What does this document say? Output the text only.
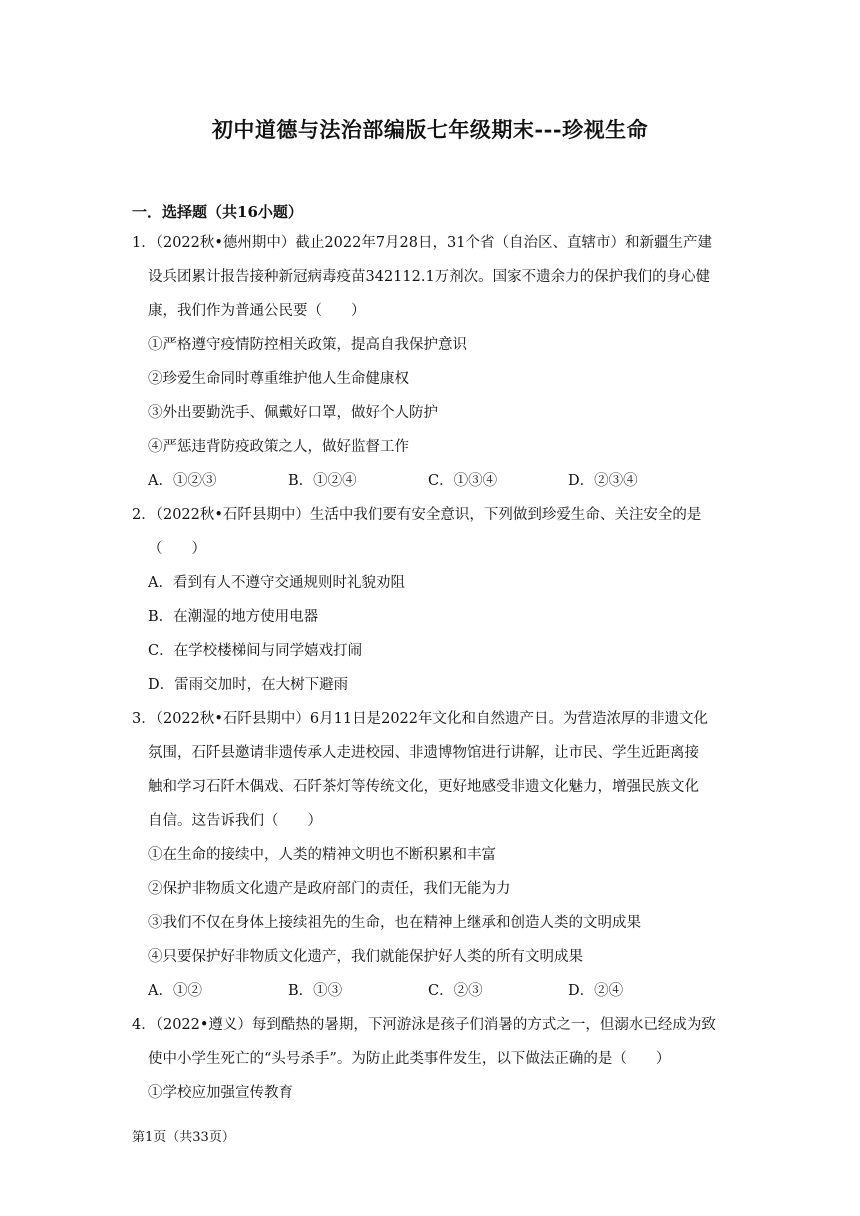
初中道德与法治部编版七年级期末---珍视生命
一．选择题（共16小题）
1．（2022秋•德州期中）截止2022年7月28日，31个省（自治区、直辖市）和新疆生产建
设兵团累计报告接种新冠病毒疫苗342112.1万剂次。国家不遗余力的保护我们的身心健
康，我们作为普通公民要（　　）
①严格遵守疫情防控相关政策，提高自我保护意识
②珍爱生命同时尊重维护他人生命健康权
③外出要勤洗手、佩戴好口罩，做好个人防护
④严惩违背防疫政策之人，做好监督工作
A．①②③	B．①②④	C．①③④	D．②③④
2．（2022秋•石阡县期中）生活中我们要有安全意识，下列做到珍爱生命、关注安全的是
（　　）
A．看到有人不遵守交通规则时礼貌劝阻
B．在潮湿的地方使用电器
C．在学校楼梯间与同学嬉戏打闹
D．雷雨交加时，在大树下避雨
3．（2022秋•石阡县期中）6月11日是2022年文化和自然遗产日。为营造浓厚的非遗文化
氛围，石阡县邀请非遗传承人走进校园、非遗博物馆进行讲解，让市民、学生近距离接
触和学习石阡木偶戏、石阡茶灯等传统文化，更好地感受非遗文化魅力，增强民族文化
自信。这告诉我们（　　）
①在生命的接续中，人类的精神文明也不断积累和丰富
②保护非物质文化遗产是政府部门的责任，我们无能为力
③我们不仅在身体上接续祖先的生命，也在精神上继承和创造人类的文明成果
④只要保护好非物质文化遗产，我们就能保护好人类的所有文明成果
A．①②	B．①③	C．②③	D．②④
4．（2022•遵义）每到酷热的暑期，下河游泳是孩子们消暑的方式之一，但溺水已经成为致
使中小学生死亡的“头号杀手”。为防止此类事件发生，以下做法正确的是（　　）
①学校应加强宣传教育
第1页（共33页）
